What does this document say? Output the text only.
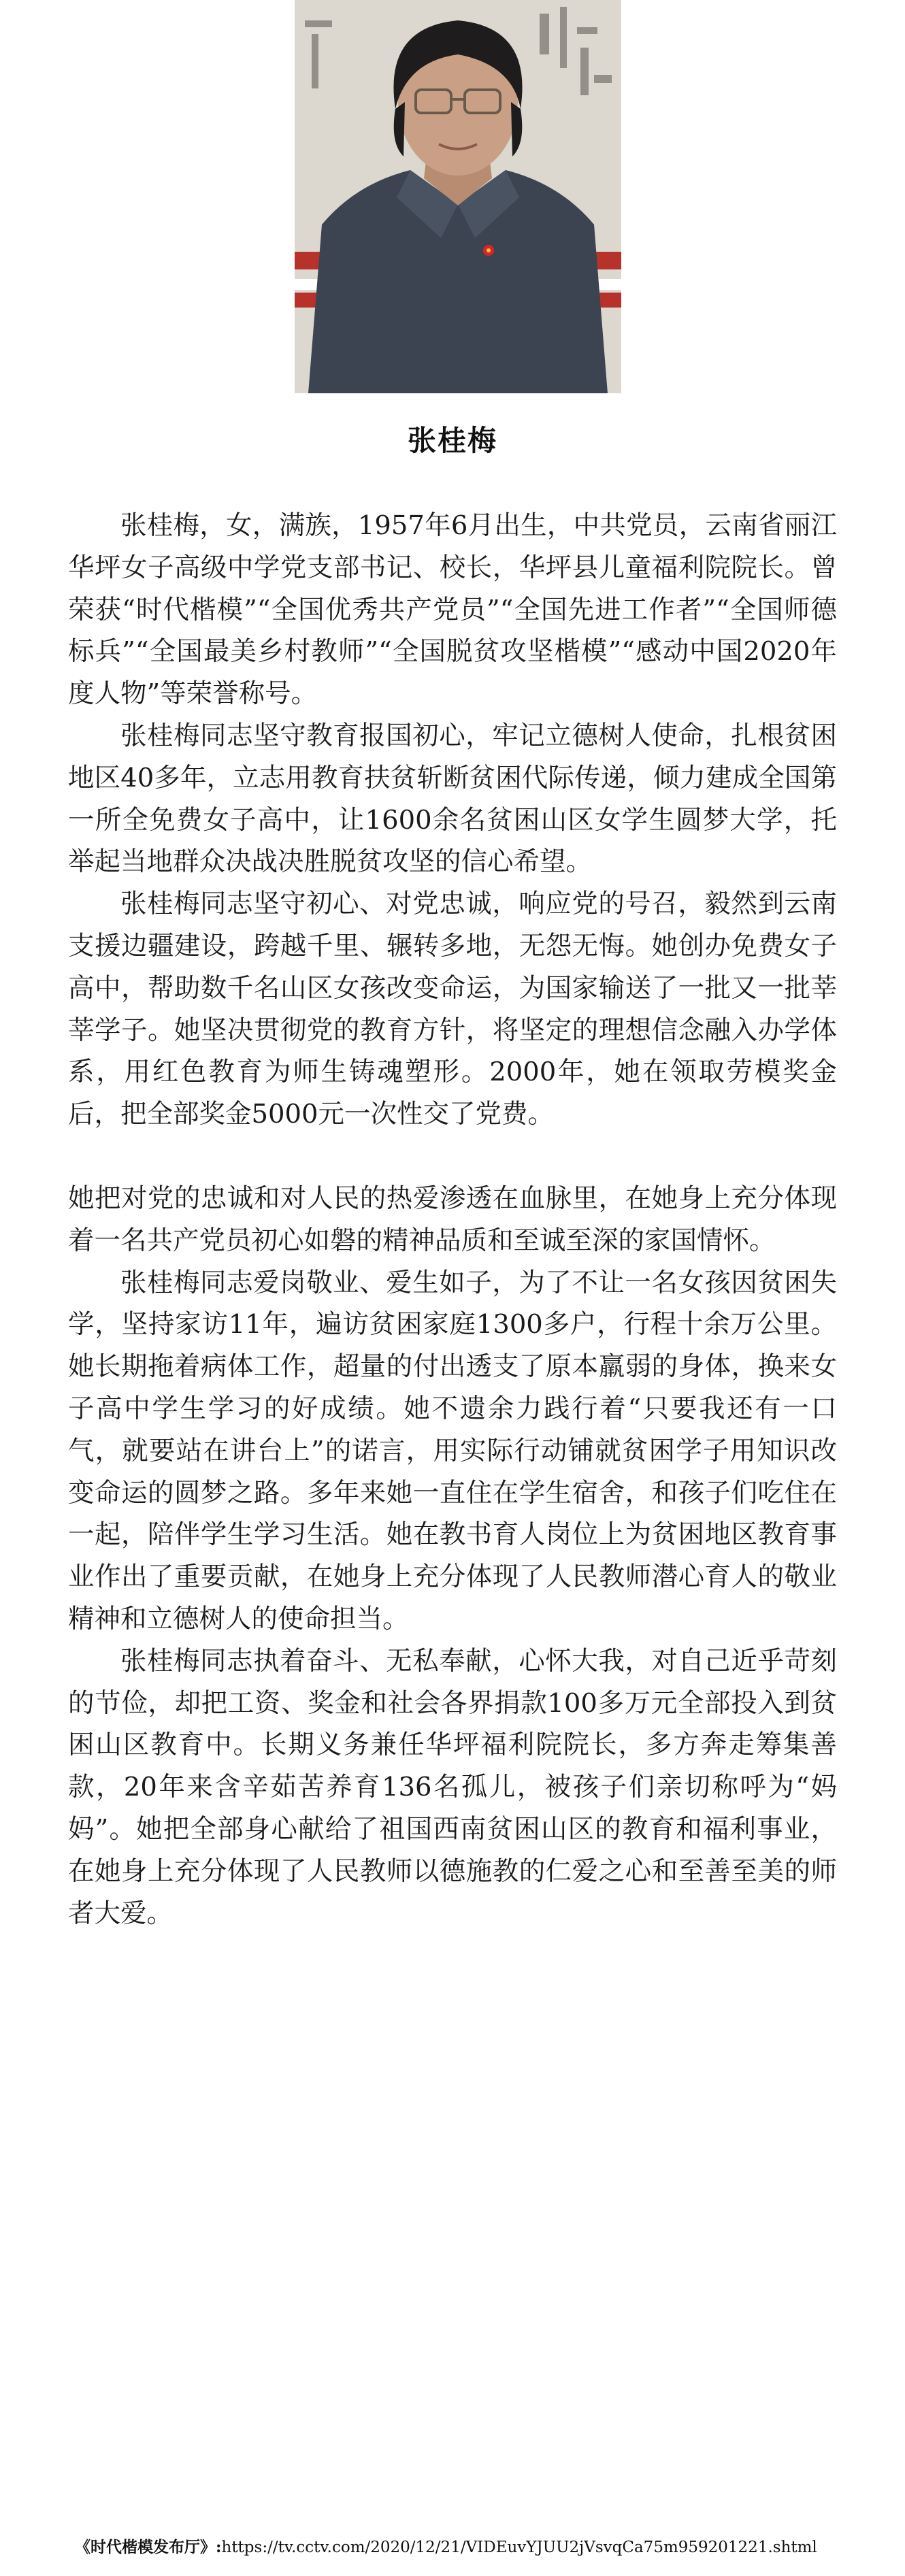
张桂梅

张桂梅，女，满族，1957年6月出生，中共党员，云南省丽江华坪女子高级中学党支部书记、校长，华坪县儿童福利院院长。曾荣获“时代楷模”“全国优秀共产党员”“全国先进工作者”“全国师德标兵”“全国最美乡村教师”“全国脱贫攻坚楷模”“感动中国2020年度人物”等荣誉称号。

张桂梅同志坚守教育报国初心，牢记立德树人使命，扎根贫困地区40多年，立志用教育扶贫斩断贫困代际传递，倾力建成全国第一所全免费女子高中，让1600余名贫困山区女学生圆梦大学，托举起当地群众决战决胜脱贫攻坚的信心希望。

张桂梅同志坚守初心、对党忠诚，响应党的号召，毅然到云南支援边疆建设，跨越千里、辗转多地，无怨无悔。她创办免费女子高中，帮助数千名山区女孩改变命运，为国家输送了一批又一批莘莘学子。她坚决贯彻党的教育方针，将坚定的理想信念融入办学体系，用红色教育为师生铸魂塑形。2000年，她在领取劳模奖金后，把全部奖金5000元一次性交了党费。

她把对党的忠诚和对人民的热爱渗透在血脉里，在她身上充分体现着一名共产党员初心如磐的精神品质和至诚至深的家国情怀。

张桂梅同志爱岗敬业、爱生如子，为了不让一名女孩因贫困失学，坚持家访11年，遍访贫困家庭1300多户，行程十余万公里。她长期拖着病体工作，超量的付出透支了原本羸弱的身体，换来女子高中学生学习的好成绩。她不遗余力践行着“只要我还有一口气，就要站在讲台上”的诺言，用实际行动铺就贫困学子用知识改变命运的圆梦之路。多年来她一直住在学生宿舍，和孩子们吃住在一起，陪伴学生学习生活。她在教书育人岗位上为贫困地区教育事业作出了重要贡献，在她身上充分体现了人民教师潜心育人的敬业精神和立德树人的使命担当。

张桂梅同志执着奋斗、无私奉献，心怀大我，对自己近乎苛刻的节俭，却把工资、奖金和社会各界捐款100多万元全部投入到贫困山区教育中。长期义务兼任华坪福利院院长，多方奔走筹集善款，20年来含辛茹苦养育136名孤儿，被孩子们亲切称呼为“妈妈”。她把全部身心献给了祖国西南贫困山区的教育和福利事业，在她身上充分体现了人民教师以德施教的仁爱之心和至善至美的师者大爱。

《时代楷模发布厅》:https://tv.cctv.com/2020/12/21/VIDEuvYJUU2jVsvqCa75m959201221.shtml
